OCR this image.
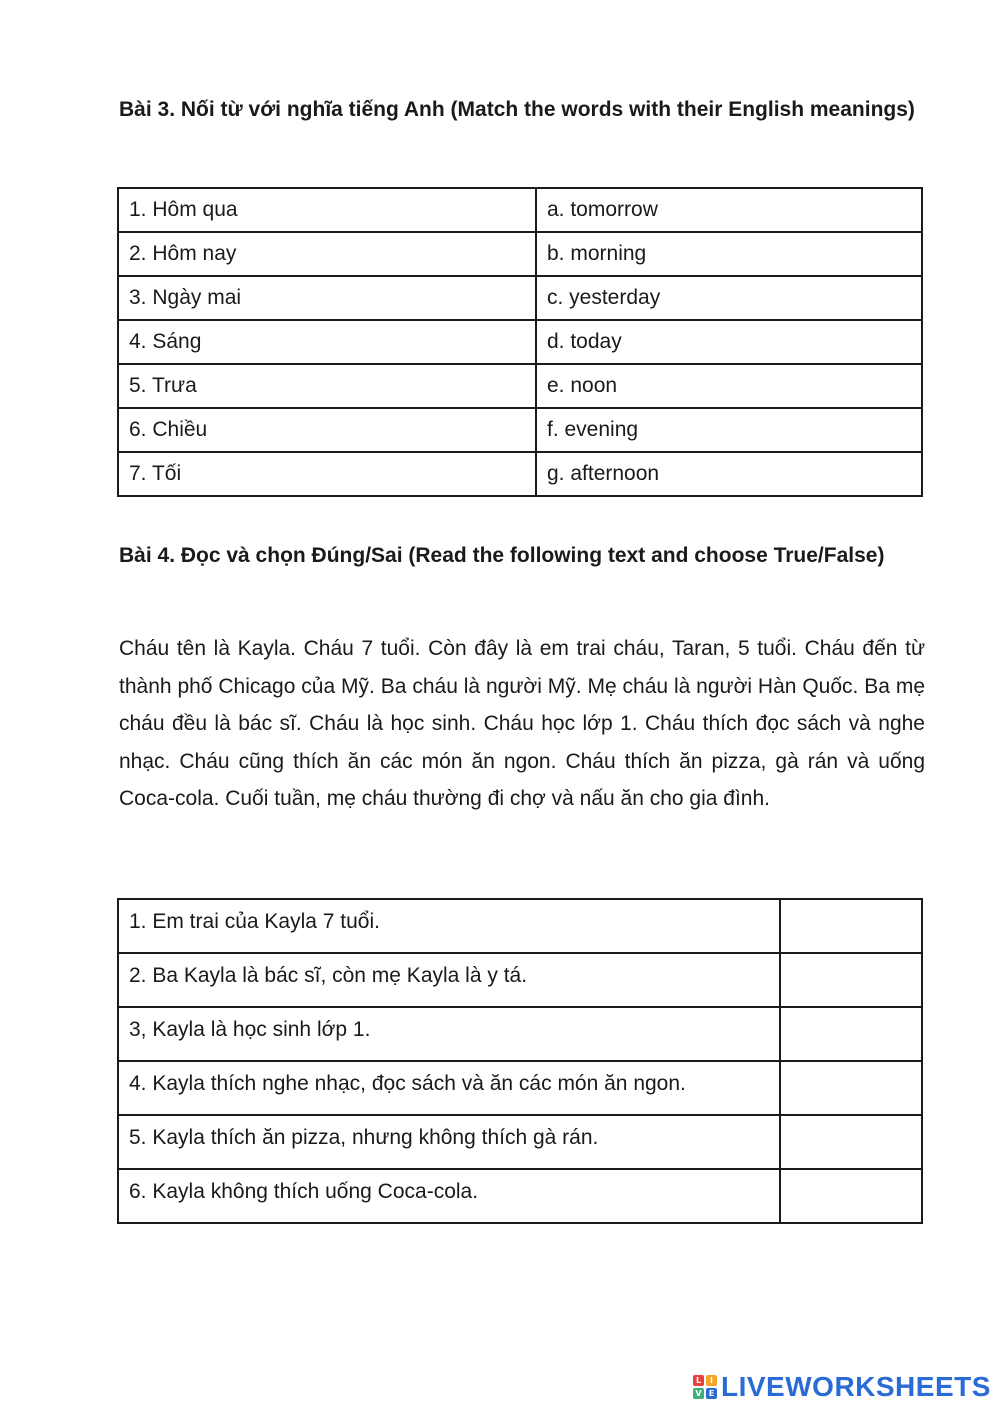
Bài 3. Nối từ với nghĩa tiếng Anh (Match the words with their English meanings)
1. Hôm qua	a. tomorrow
2. Hôm nay	b. morning
3. Ngày mai	c. yesterday
4. Sáng	d. today
5. Trưa	e. noon
6. Chiều	f. evening
7. Tối	g. afternoon
Bài 4. Đọc và chọn Đúng/Sai (Read the following text and choose True/False)
Cháu tên là Kayla. Cháu 7 tuổi. Còn đây là em trai cháu, Taran, 5 tuổi. Cháu đến từ thành phố Chicago của Mỹ. Ba cháu là người Mỹ. Mẹ cháu là người Hàn Quốc. Ba mẹ cháu đều là bác sĩ. Cháu là học sinh. Cháu học lớp 1. Cháu thích đọc sách và nghe nhạc. Cháu cũng thích ăn các món ăn ngon. Cháu thích ăn pizza, gà rán và uống Coca-cola. Cuối tuần, mẹ cháu thường đi chợ và nấu ăn cho gia đình.
1. Em trai của Kayla 7 tuổi.	
2. Ba Kayla là bác sĩ, còn mẹ Kayla là y tá.	
3, Kayla là học sinh lớp 1.	
4. Kayla thích nghe nhạc, đọc sách và ăn các món ăn ngon.	
5. Kayla thích ăn pizza, nhưng không thích gà rán.	
6. Kayla không thích uống Coca-cola.	
L	I
V E LIVEWORKSHEETS
